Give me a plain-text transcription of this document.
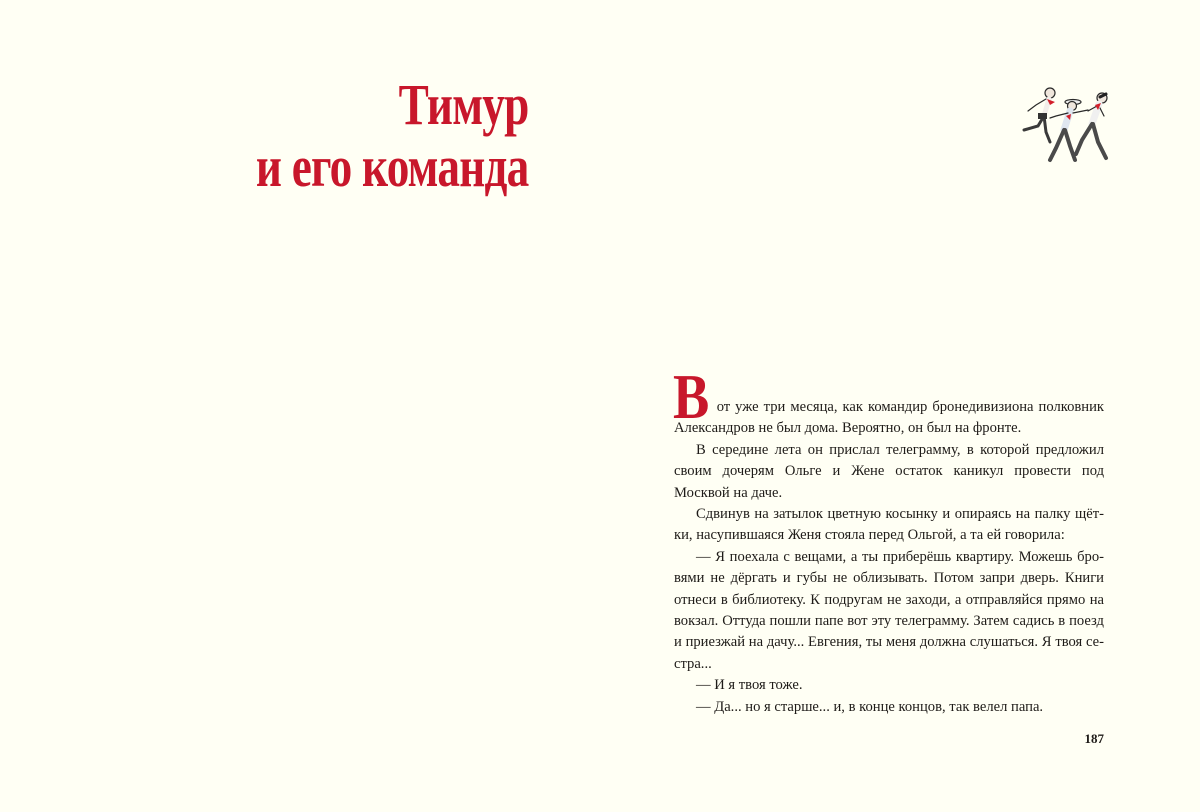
Тимур
и его команда

В от уже три месяца, как командир бронедивизиона полковник Александров не был дома. Вероятно, он был на фронте.

В середине лета он прислал телеграмму, в которой предложил своим дочерям Ольге и Жене остаток каникул провести под Москвой на даче.

Сдвинув на затылок цветную косынку и опираясь на палку щётки, насупившаяся Женя стояла перед Ольгой, а та ей говорила:

— Я поехала с вещами, а ты приберёшь квартиру. Можешь бровями не дёргать и губы не облизывать. Потом запри дверь. Книги отнеси в библиотеку. К подругам не заходи, а отправляйся прямо на вокзал. Оттуда пошли папе вот эту телеграмму. Затем садись в поезд и приезжай на дачу... Евгения, ты меня должна слушаться. Я твоя сестра...

— И я твоя тоже.

— Да... но я старше... и, в конце концов, так велел папа.

187
